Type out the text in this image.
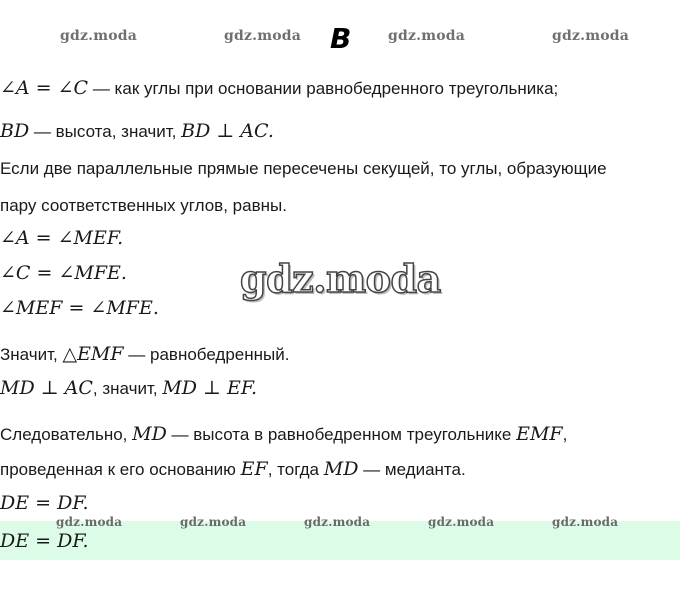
gdz.moda	gdz.moda B	gdz.moda	gdz.moda
∠A = ∠C — как углы при основании равнобедренного треугольника;
BD — высота, значит, BD ⊥ AC.
Если две параллельные прямые пересечены секущей, то углы, образующие
пару соответственных углов, равны.
∠A = ∠MEF.
∠C = ∠MFE.
∠MEF = ∠MFE.
Значит, △EMF — равнобедренный.
MD ⊥ AC, значит, MD ⊥ EF.
Следовательно, MD — высота в равнобедренном треугольнике EMF,
проведенная к его основанию EF, тогда MD — медианта.
DE = DF.
gdz.moda
gdz.moda	gdz.moda	gdz.moda	gdz.moda	gdz.moda
DE = DF.
